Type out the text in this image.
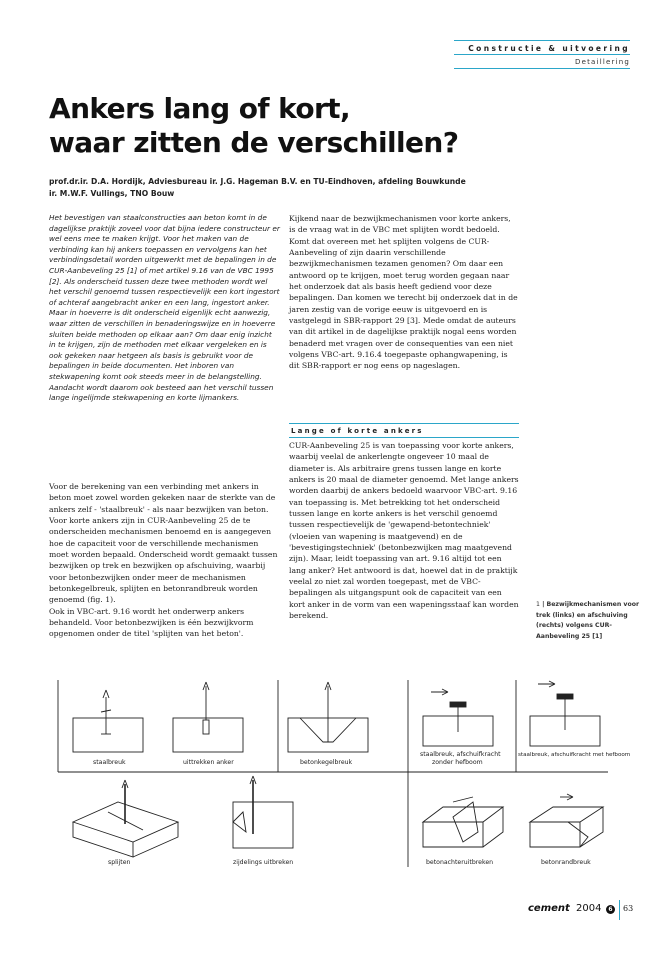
Constructie & uitvoering
Detaillering
Ankers lang of kort,
waar zitten de verschillen?
prof.dr.ir. D.A. Hordijk, Adviesbureau ir. J.G. Hageman B.V. en TU-Eindhoven, afdeling Bouwkunde
ir. M.W.F. Vullings, TNO Bouw

Het bevestigen van staalconstructies aan beton komt in de dagelijkse praktijk zoveel voor dat bijna iedere constructeur er wel eens mee te maken krijgt. Voor het maken van de verbinding kan hij ankers toepassen en vervolgens kan het verbindingsdetail worden uitgewerkt met de bepalingen in de CUR-Aanbeveling 25 [1] of met artikel 9.16 van de VBC 1995 [2]. Als onderscheid tussen deze twee methoden wordt wel het verschil genoemd tussen respectievelijk een kort ingestort of achteraf aangebracht anker en een lang, ingestort anker. Maar in hoeverre is dit onderscheid eigenlijk echt aanwezig, waar zitten de verschillen in benaderingswijze en in hoeverre sluiten beide methoden op elkaar aan? Om daar enig inzicht in te krijgen, zijn de methoden met elkaar vergeleken en is ook gekeken naar hetgeen als basis is gebruikt voor de bepalingen in beide documenten. Het inboren van stekwapening komt ook steeds meer in de belangstelling. Aandacht wordt daarom ook besteed aan het verschil tussen lange ingelijmde stekwapening en korte lijmankers.

Voor de berekening van een verbinding met ankers in beton moet zowel worden gekeken naar de sterkte van de ankers zelf - 'staalbreuk' - als naar bezwijken van beton. Voor korte ankers zijn in CUR-Aanbeveling 25 de te onderscheiden mechanismen benoemd en is aangegeven hoe de capaciteit voor de verschillende mechanismen moet worden bepaald. Onderscheid wordt gemaakt tussen bezwijken op trek en bezwijken op afschuiving, waarbij voor betonbezwijken onder meer de mechanismen betonkegelbreuk, splijten en betonrandbreuk worden genoemd (fig. 1).

Ook in VBC-art. 9.16 wordt het onderwerp ankers behandeld. Voor betonbezwijken is één bezwijkvorm opgenomen onder de titel 'splijten van het beton'.

Kijkend naar de bezwijkmechanismen voor korte ankers, is de vraag wat in de VBC met splijten wordt bedoeld. Komt dat overeen met het splijten volgens de CUR-Aanbeveling of zijn daarin verschillende bezwijkmechanismen tezamen genomen? Om daar een antwoord op te krijgen, moet terug worden gegaan naar het onderzoek dat als basis heeft gediend voor deze bepalingen. Dan komen we terecht bij onderzoek dat in de jaren zestig van de vorige eeuw is uitgevoerd en is vastgelegd in SBR-rapport 29 [3]. Mede omdat de auteurs van dit artikel in de dagelijkse praktijk nogal eens worden benaderd met vragen over de consequenties van een niet volgens VBC-art. 9.16.4 toegepaste ophangwapening, is dit SBR-rapport er nog eens op nageslagen.

Lange of korte ankers

CUR-Aanbeveling 25 is van toepassing voor korte ankers, waarbij veelal de ankerlengte ongeveer 10 maal de diameter is. Als arbitraire grens tussen lange en korte ankers is 20 maal de diameter genoemd. Met lange ankers worden daarbij de ankers bedoeld waarvoor VBC-art. 9.16 van toepassing is. Met betrekking tot het onderscheid tussen lange en korte ankers is het verschil genoemd tussen respectievelijk de 'gewapend-betontechniek' (vloeien van wapening is maatgevend) en de 'bevestigingstechniek' (betonbezwijken mag maatgevend zijn). Maar, leidt toepassing van art. 9.16 altijd tot een lang anker? Het antwoord is dat, hoewel dat in de praktijk veelal zo niet zal worden toegepast, met de VBC-bepalingen als uitgangspunt ook de capaciteit van een kort anker in de vorm van een wapeningsstaaf kan worden berekend.

1 | Bezwijkmechanismen voor trek (links) en afschuiving (rechts) volgens CUR-Aanbeveling 25 [1]
staalbreuk	uittrekken anker	betonkegelbreuk
staalbreuk, afschuifkracht
zonder hefboom
staalbreuk, afschuifkracht met hefboom
splijten	zijdelings uitbreken	betonachteruitbreken	betonrandbreuk
cement 2004	6	63
